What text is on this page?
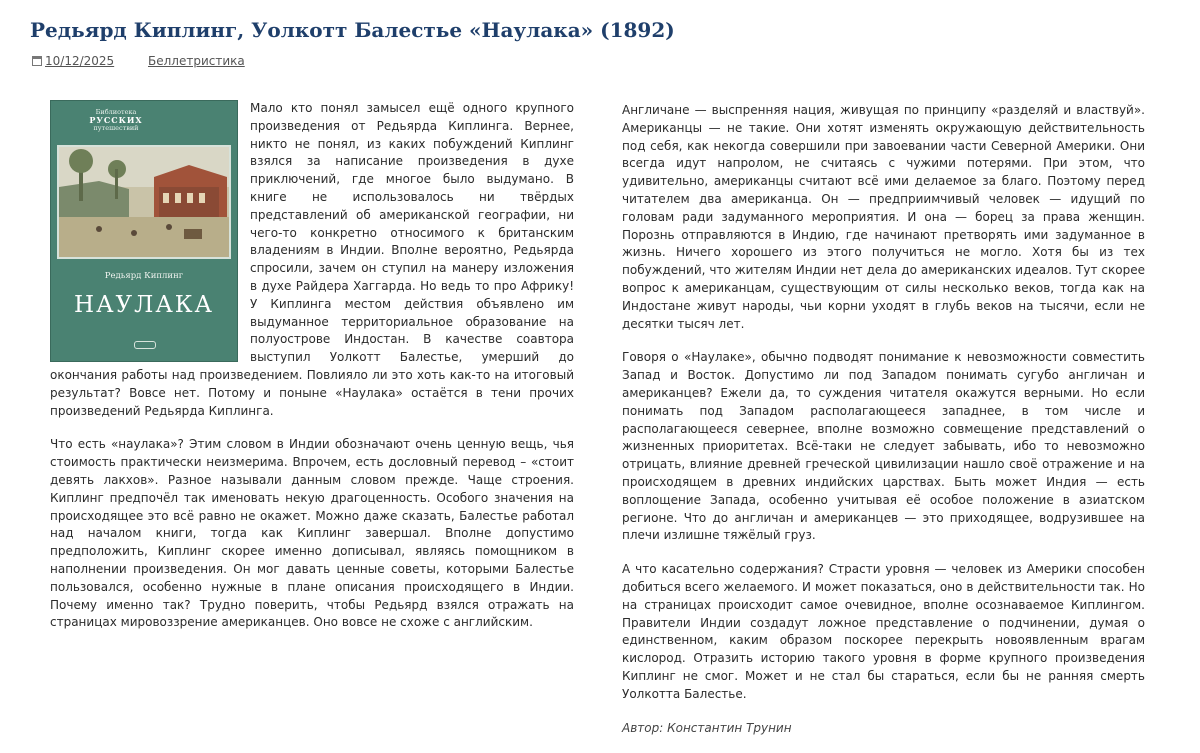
Редьярд Киплинг, Уолкотт Балестье «Наулака» (1892)
10/12/2025	Беллетристика
Библиотека
РУССКИХ
путешествий
Редьярд Киплинг
НАУЛАКА

Мало кто понял замысел ещё одного крупного произведения от Редьярда Киплинга. Вернее, никто не понял, из каких побуждений Киплинг взялся за написание произведения в духе приключений, где многое было выдумано. В книге не использовалось ни твёрдых представлений об американской географии, ни чего-то конкретно относимого к британским владениям в Индии. Вполне вероятно, Редьярда спросили, зачем он ступил на манеру изложения в духе Райдера Хаггарда. Но ведь то про Африку! У Киплинга местом действия объявлено им выдуманное территориальное образование на полуострове Индостан. В качестве соавтора выступил Уолкотт Балестье, умерший до окончания работы над произведением. Повлияло ли это хоть как-то на итоговый результат? Вовсе нет. Потому и поныне «Наулака» остаётся в тени прочих произведений Редьярда Киплинга.

Что есть «наулака»? Этим словом в Индии обозначают очень ценную вещь, чья стоимость практически неизмерима. Впрочем, есть дословный перевод – «стоит девять лакхов». Разное называли данным словом прежде. Чаще строения. Киплинг предпочёл так именовать некую драгоценность. Особого значения на происходящее это всё равно не окажет. Можно даже сказать, Балестье работал над началом книги, тогда как Киплинг завершал. Вполне допустимо предположить, Киплинг скорее именно дописывал, являясь помощником в наполнении произведения. Он мог давать ценные советы, которыми Балестье пользовался, особенно нужные в плане описания происходящего в Индии. Почему именно так? Трудно поверить, чтобы Редьярд взялся отражать на страницах мировоззрение американцев. Оно вовсе не схоже с английским.

Англичане — выспренняя нация, живущая по принципу «разделяй и властвуй». Американцы — не такие. Они хотят изменять окружающую действительность под себя, как некогда совершили при завоевании части Северной Америки. Они всегда идут напролом, не считаясь с чужими потерями. При этом, что удивительно, американцы считают всё ими делаемое за благо. Поэтому перед читателем два американца. Он — предприимчивый человек — идущий по головам ради задуманного мероприятия. И она — борец за права женщин. Порознь отправляются в Индию, где начинают претворять ими задуманное в жизнь. Ничего хорошего из этого получиться не могло. Хотя бы из тех побуждений, что жителям Индии нет дела до американских идеалов. Тут скорее вопрос к американцам, существующим от силы несколько веков, тогда как на Индостане живут народы, чьи корни уходят в глубь веков на тысячи, если не десятки тысяч лет.

Говоря о «Наулаке», обычно подводят понимание к невозможности совместить Запад и Восток. Допустимо ли под Западом понимать сугубо англичан и американцев? Ежели да, то суждения читателя окажутся верными. Но если понимать под Западом располагающееся западнее, в том числе и располагающееся севернее, вполне возможно совмещение представлений о жизненных приоритетах. Всё-таки не следует забывать, ибо то невозможно отрицать, влияние древней греческой цивилизации нашло своё отражение и на происходящем в древних индийских царствах. Быть может Индия — есть воплощение Запада, особенно учитывая её особое положение в азиатском регионе. Что до англичан и американцев — это приходящее, водрузившее на плечи излишне тяжёлый груз.

А что касательно содержания? Страсти уровня — человек из Америки способен добиться всего желаемого. И может показаться, оно в действительности так. Но на страницах происходит самое очевидное, вполне осознаваемое Киплингом. Правители Индии создадут ложное представление о подчинении, думая о единственном, каким образом поскорее перекрыть новоявленным врагам кислород. Отразить историю такого уровня в форме крупного произведения Киплинг не смог. Может и не стал бы стараться, если бы не ранняя смерть Уолкотта Балестье.

Автор: Константин Трунин
